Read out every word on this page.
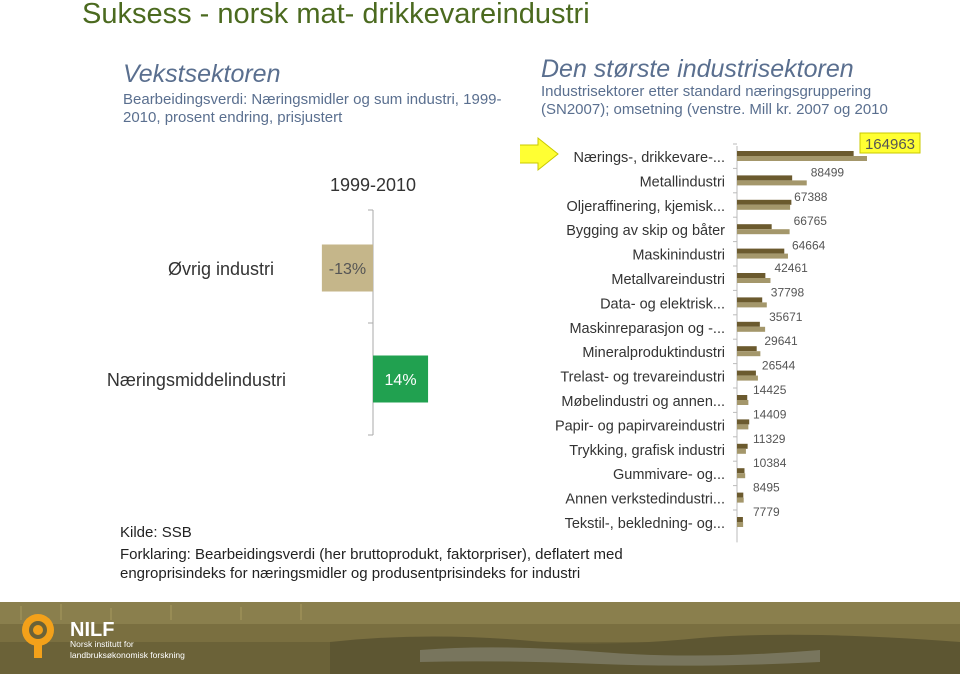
Suksess - norsk mat- drikkevareindustri
Vekstsektoren
Bearbeidingsverdi: Næringsmidler og sum industri, 1999-2010, prosent endring, prisjustert
Den største industrisektoren
Industrisektorer etter standard næringsgruppering (SN2007); omsetning (venstre. Mill kr. 2007 og 2010
1999-2010
-13%
Øvrig industri
14%
Næringsmiddelindustri
Nærings-, drikkevare-...
164963
Metallindustri
88499
Oljeraffinering, kjemisk...
67388
Bygging av skip og båter
66765
Maskinindustri
64664
Metallvareindustri
42461
Data- og elektrisk...
37798
Maskinreparasjon og -...
35671
Mineralproduktindustri
29641
Trelast- og trevareindustri
26544
Møbelindustri og annen...
14425
Papir- og papirvareindustri
14409
Trykking, grafisk industri
11329
Gummivare- og...
10384
Annen verkstedindustri...
8495
Tekstil-, bekledning- og...
7779
Kilde: SSB
Forklaring: Bearbeidingsverdi (her bruttoprodukt, faktorpriser), deflatert med engroprisindeks for næringsmidler og produsentprisindeks for industri
NILF
Norsk institutt for
landbruksøkonomisk forskning
